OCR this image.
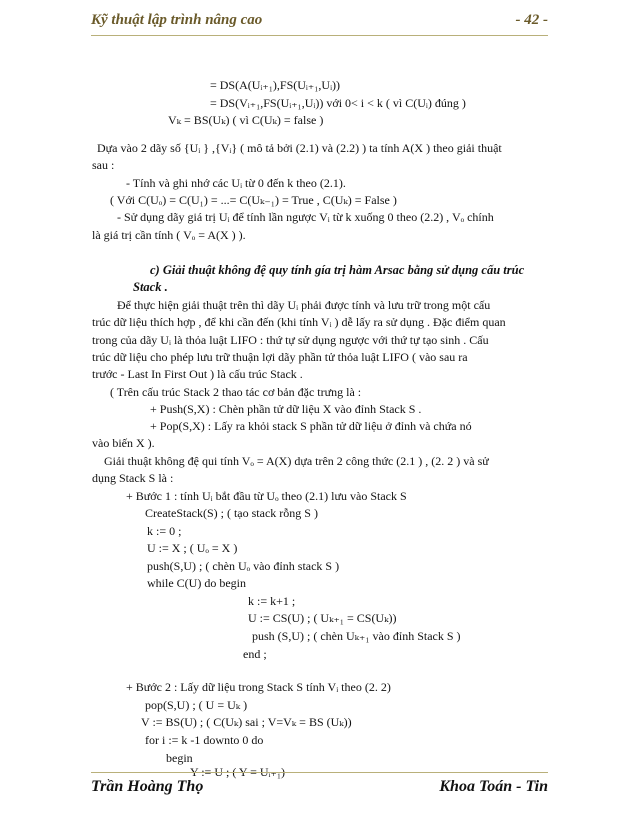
Kỹ thuật lập trình nâng cao	- 42 -
= DS(A(Uᵢ₊₁),FS(Uᵢ₊₁,Uᵢ))
= DS(Vᵢ₊₁,FS(Uᵢ₊₁,Uᵢ)) với 0< i < k ( vì C(Uᵢ) đúng )
Vₖ = BS(Uₖ) ( vì C(Uₖ) = false )
Dựa vào 2 dãy số {Uᵢ } ,{Vᵢ} ( mô tả bởi (2.1) và (2.2) ) ta tính A(X ) theo giải thuật
sau :
- Tính và ghi nhớ các Uᵢ từ 0 đến k theo (2.1).
( Với C(Uₒ) = C(U₁) = ...= C(Uₖ₋₁) = True , C(Uₖ) = False )
- Sử dụng dãy giá trị Uᵢ để tính lần ngược Vᵢ từ k xuống 0 theo (2.2) , Vₒ chính
là giá trị cần tính ( Vₒ = A(X ) ).
c) Giải thuật không đệ quy tính gía trị hàm Arsac bằng sử dụng cấu trúc
Stack .
Để thực hiện giải thuật trên thì dãy Uᵢ phải được tính và lưu trữ trong một cấu
trúc dữ liệu thích hợp , để khi cần đến (khi tính Vᵢ ) dễ lấy ra sử dụng . Đặc điểm quan
trong của dãy Uᵢ là thỏa luật LIFO : thứ tự sử dụng ngược với thứ tự tạo sinh . Cấu
trúc dữ liệu cho phép lưu trữ thuận lợi dãy phần tử thỏa luật LIFO ( vào sau ra
trước - Last In First Out ) là cấu trúc Stack .
( Trên cấu trúc Stack 2 thao tác cơ bản đặc trưng là :
+ Push(S,X) : Chèn phần tử dữ liệu X vào đỉnh Stack S .
+ Pop(S,X) : Lấy ra khỏi stack S phần tử dữ liệu ở đỉnh và chứa nó
vào biến X ).
Giải thuật không đệ qui tính Vₒ = A(X) dựa trên 2 công thức (2.1 ) , (2. 2 ) và sử
dụng Stack S là :
+ Bước 1 : tính Uᵢ bắt đầu từ Uₒ theo (2.1) lưu vào Stack S
CreateStack(S) ; ( tạo stack rỗng S )
k := 0 ;
U := X ; ( Uₒ = X )
push(S,U) ; ( chèn Uₒ vào đỉnh stack S )
while C(U) do begin
k := k+1 ;
U := CS(U) ; ( Uₖ₊₁ = CS(Uₖ))
push (S,U) ; ( chèn Uₖ₊₁ vào đỉnh Stack S )
end ;
+ Bước 2 : Lấy dữ liệu trong Stack S tính Vᵢ theo (2. 2)
pop(S,U) ; ( U = Uₖ )
V := BS(U) ; ( C(Uₖ) sai ; V=Vₖ = BS (Uₖ))
for i := k -1 downto 0 do
begin
Y := U ; ( Y = Uᵢ₊₁)
Trần Hoàng Thọ	Khoa Toán - Tin
